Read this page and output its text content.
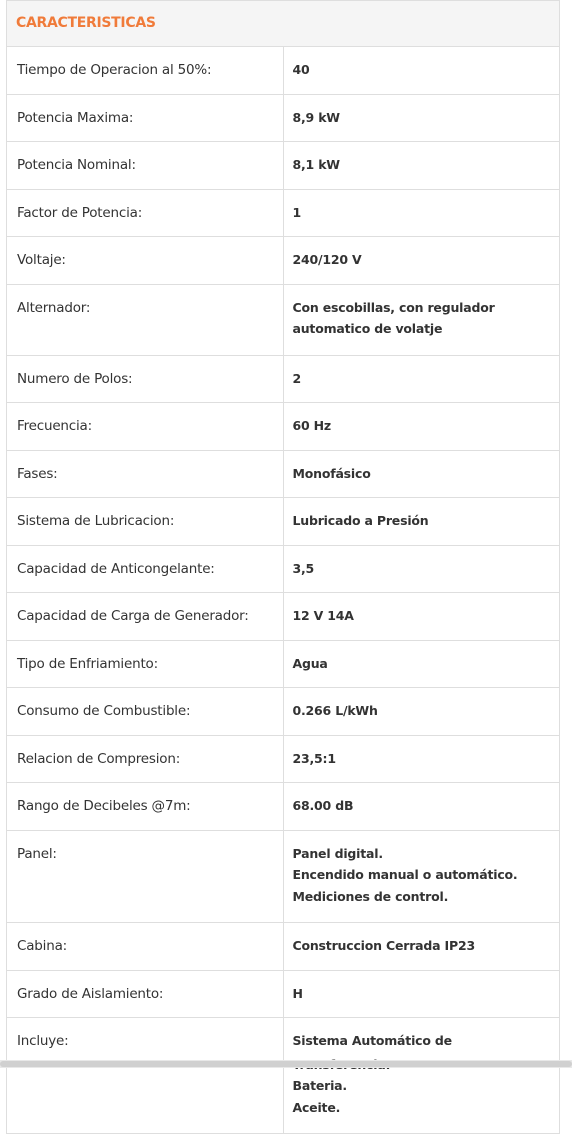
CARACTERISTICAS	
Tiempo de Operacion al 50%:	40

Potencia Maxima:	8,9 kW

Potencia Nominal:	8,1 kW

Factor de Potencia:	1

Voltaje:	240/120 V

Alternador:	Con escobillas, con regulador
automatico de volatje

Numero de Polos:	2

Frecuencia:	60 Hz

Fases:	Monofásico

Sistema de Lubricacion:	Lubricado a Presión

Capacidad de Anticongelante:	3,5

Capacidad de Carga de Generador:	12 V 14A

Tipo de Enfriamiento:	Agua

Consumo de Combustible:	0.266 L/kWh

Relacion de Compresion:	23,5:1

Rango de Decibeles @7m:	68.00 dB

Panel:	Panel digital.
Encendido manual o automático.
Mediciones de control.

Cabina:	Construccion Cerrada IP23

Grado de Aislamiento:	H

Incluye:	Sistema Automático de
Bateria.
Aceite.
